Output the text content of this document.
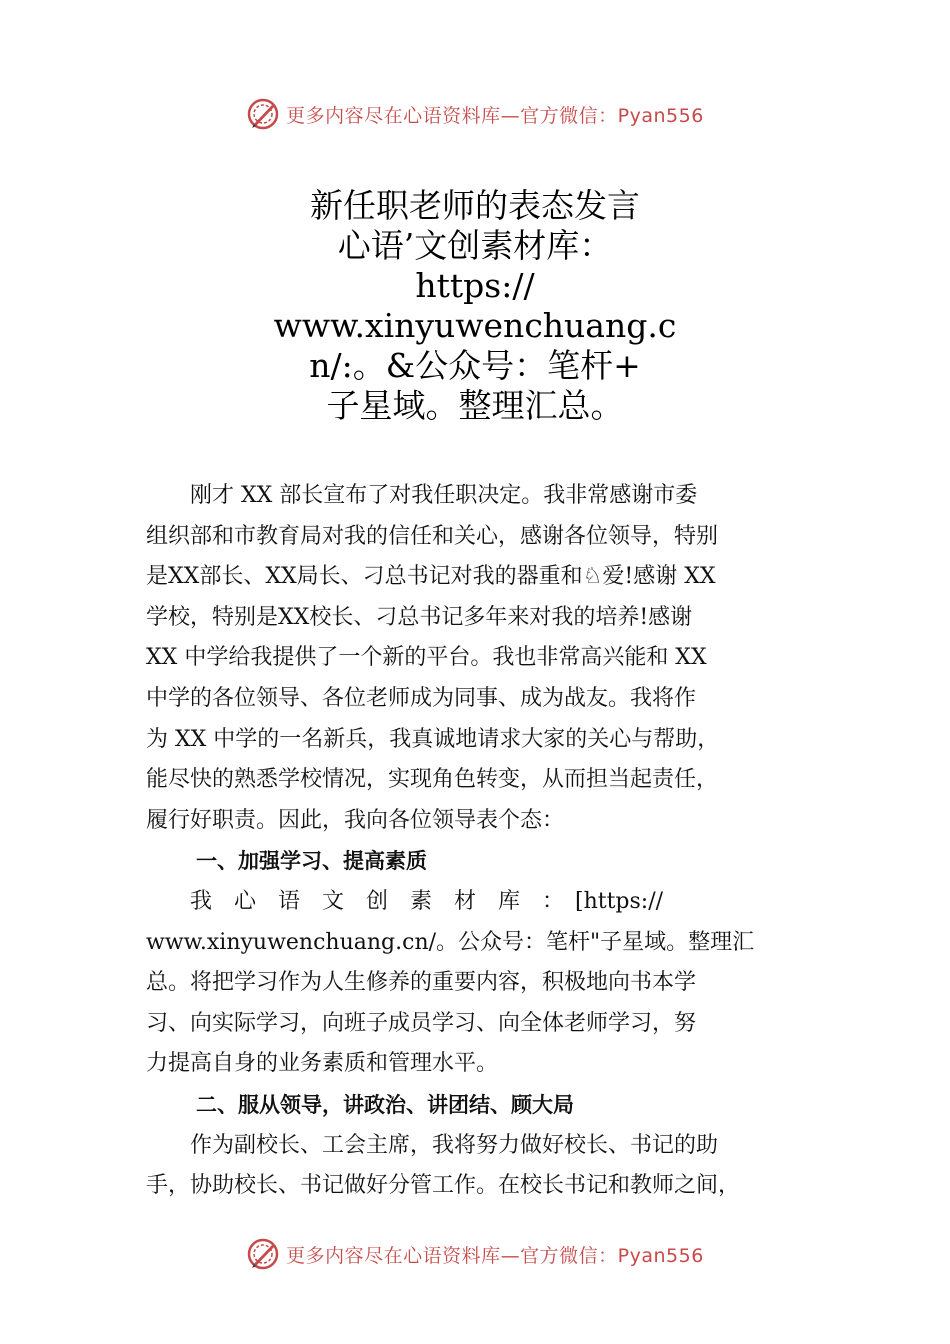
更多内容尽在心语资料库—官方微信：Pyan556
新任职老师的表态发言
心语’文创素材库：
https://
www.xinyuwenchuang.c
n/:。&公众号：笔杆+
子星域。整理汇总。
　　刚才 XX 部长宣布了对我任职决定。我非常感谢市委
组织部和市教育局对我的信任和关心，感谢各位领导，特别
是XX部长、XX局长、刁总书记对我的器重和♘爱!感谢 XX
学校，特别是XX校长、刁总书记多年来对我的培养!感谢
XX 中学给我提供了一个新的平台。我也非常高兴能和 XX
中学的各位领导、各位老师成为同事、成为战友。我将作
为 XX 中学的一名新兵，我真诚地请求大家的关心与帮助，
能尽快的熟悉学校情况，实现角色转变，从而担当起责任，
履行好职责。因此，我向各位领导表个态：
一、加强学习、提高素质
　　我　心　语　文　创　素　材　库　：　[https://
www.xinyuwenchuang.cn/。公众号：笔杆"子星域。整理汇
总。将把学习作为人生修养的重要内容，积极地向书本学
习、向实际学习，向班子成员学习、向全体老师学习，努
力提高自身的业务素质和管理水平。
二、服从领导，讲政治、讲团结、顾大局
　　作为副校长、工会主席，我将努力做好校长、书记的助
手，协助校长、书记做好分管工作。在校长书记和教师之间，
更多内容尽在心语资料库—官方微信：Pyan556
